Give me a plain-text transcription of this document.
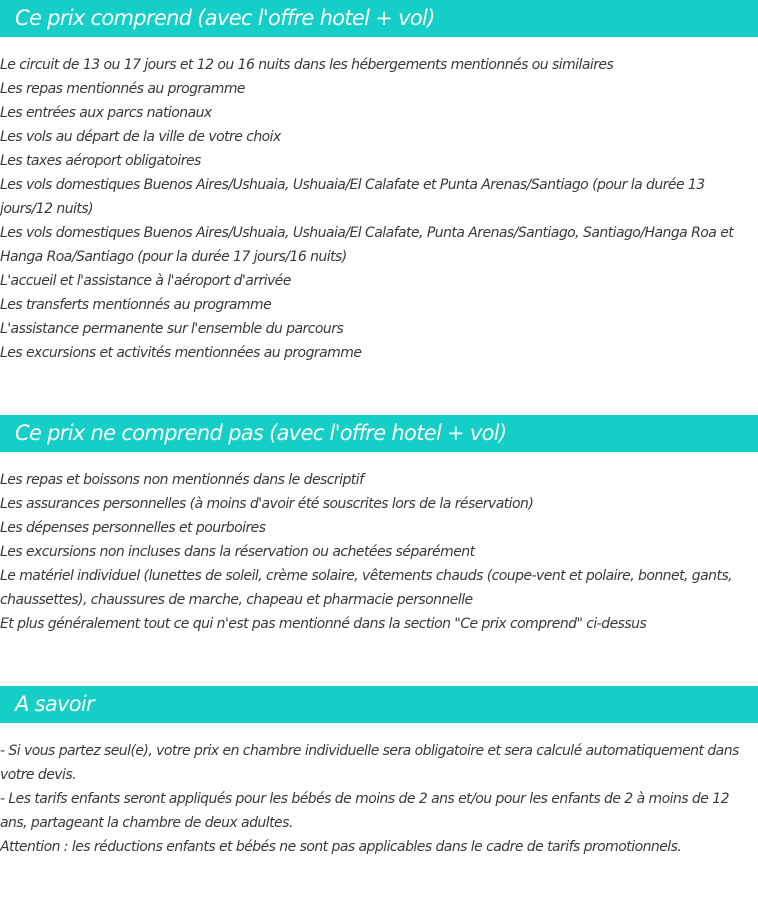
Ce prix comprend (avec l'offre hotel + vol)
Le circuit de 13 ou 17 jours et 12 ou 16 nuits dans les hébergements mentionnés ou similaires
Les repas mentionnés au programme
Les entrées aux parcs nationaux
Les vols au départ de la ville de votre choix
Les taxes aéroport obligatoires
Les vols domestiques Buenos Aires/Ushuaia, Ushuaia/El Calafate et Punta Arenas/Santiago (pour la durée 13 jours/12 nuits)
Les vols domestiques Buenos Aires/Ushuaia, Ushuaia/El Calafate, Punta Arenas/Santiago, Santiago/Hanga Roa et Hanga Roa/Santiago (pour la durée 17 jours/16 nuits)
L'accueil et l'assistance à l'aéroport d'arrivée
Les transferts mentionnés au programme
L'assistance permanente sur l'ensemble du parcours
Les excursions et activités mentionnées au programme
Ce prix ne comprend pas (avec l'offre hotel + vol)
Les repas et boissons non mentionnés dans le descriptif
Les assurances personnelles (à moins d'avoir été souscrites lors de la réservation)
Les dépenses personnelles et pourboires
Les excursions non incluses dans la réservation ou achetées séparément
Le matériel individuel (lunettes de soleil, crème solaire, vêtements chauds (coupe-vent et polaire, bonnet, gants, chaussettes), chaussures de marche, chapeau et pharmacie personnelle
Et plus généralement tout ce qui n'est pas mentionné dans la section "Ce prix comprend" ci-dessus
A savoir
- Si vous partez seul(e), votre prix en chambre individuelle sera obligatoire et sera calculé automatiquement dans votre devis.
- Les tarifs enfants seront appliqués pour les bébés de moins de 2 ans et/ou pour les enfants de 2 à moins de 12 ans, partageant la chambre de deux adultes.
Attention : les réductions enfants et bébés ne sont pas applicables dans le cadre de tarifs promotionnels.
